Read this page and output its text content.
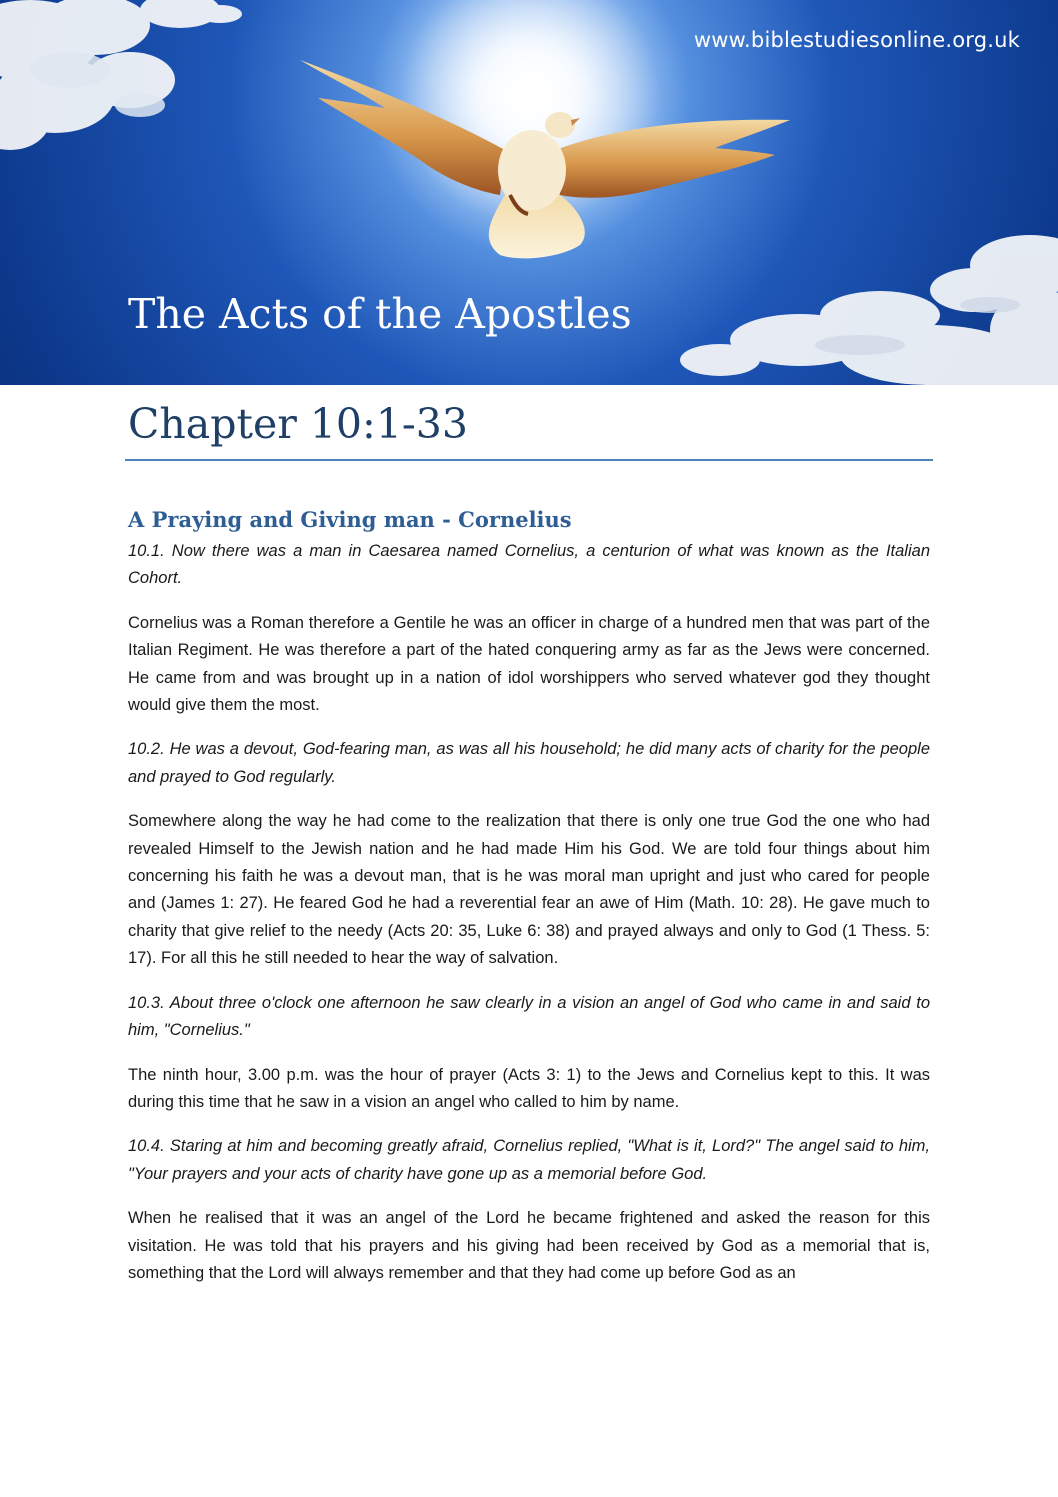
www.biblestudiesonline.org.uk
The Acts of the Apostles
Chapter 10:1-33
A Praying and Giving man - Cornelius

10.1. Now there was a man in Caesarea named Cornelius, a centurion of what was known as the Italian Cohort.

Cornelius was a Roman therefore a Gentile he was an officer in charge of a hundred men that was part of the Italian Regiment. He was therefore a part of the hated conquering army as far as the Jews were concerned. He came from and was brought up in a nation of idol worshippers who served whatever god they thought would give them the most.

10.2. He was a devout, God-fearing man, as was all his household; he did many acts of charity for the people and prayed to God regularly.

Somewhere along the way he had come to the realization that there is only one true God the one who had revealed Himself to the Jewish nation and he had made Him his God. We are told four things about him concerning his faith he was a devout man, that is he was moral man upright and just who cared for people and (James 1: 27). He feared God he had a reverential fear an awe of Him (Math. 10: 28). He gave much to charity that give relief to the needy (Acts 20: 35, Luke 6: 38) and prayed always and only to God (1 Thess. 5: 17). For all this he still needed to hear the way of salvation.

10.3. About three o'clock one afternoon he saw clearly in a vision an angel of God who came in and said to him, "Cornelius."

The ninth hour, 3.00 p.m. was the hour of prayer (Acts 3: 1) to the Jews and Cornelius kept to this. It was during this time that he saw in a vision an angel who called to him by name.

10.4. Staring at him and becoming greatly afraid, Cornelius replied, "What is it, Lord?" The angel said to him, "Your prayers and your acts of charity have gone up as a memorial before God.

When he realised that it was an angel of the Lord he became frightened and asked the reason for this visitation. He was told that his prayers and his giving had been received by God as a memorial that is, something that the Lord will always remember and that they had come up before God as an
